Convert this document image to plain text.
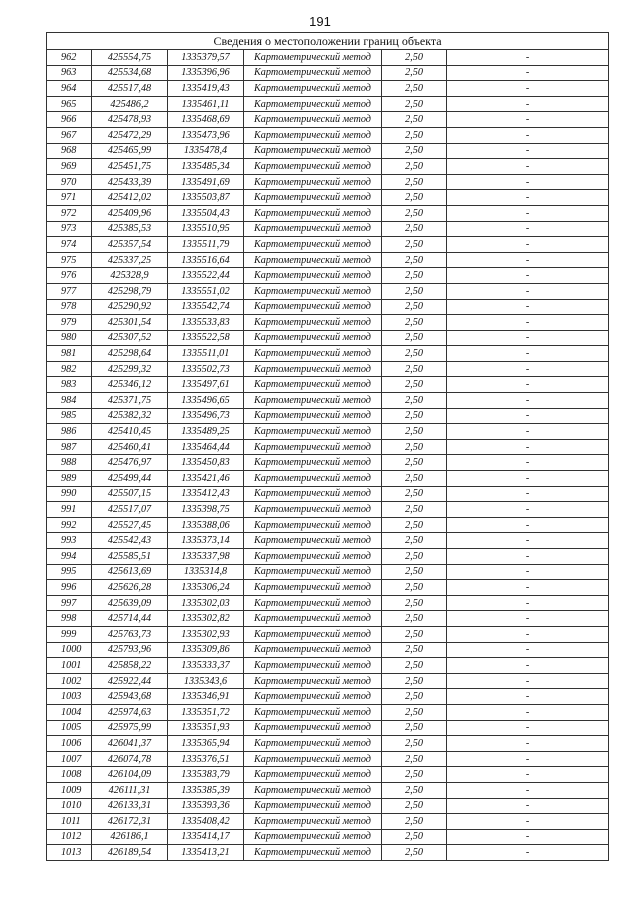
191
Сведения о местоположении границ объекта					
962	425554,75	1335379,57	Картометрический метод	2,50	-
963	425534,68	1335396,96	Картометрический метод	2,50	-
964	425517,48	1335419,43	Картометрический метод	2,50	-
965	425486,2	1335461,11	Картометрический метод	2,50	-
966	425478,93	1335468,69	Картометрический метод	2,50	-
967	425472,29	1335473,96	Картометрический метод	2,50	-
968	425465,99	1335478,4	Картометрический метод	2,50	-
969	425451,75	1335485,34	Картометрический метод	2,50	-
970	425433,39	1335491,69	Картометрический метод	2,50	-
971	425412,02	1335503,87	Картометрический метод	2,50	-
972	425409,96	1335504,43	Картометрический метод	2,50	-
973	425385,53	1335510,95	Картометрический метод	2,50	-
974	425357,54	1335511,79	Картометрический метод	2,50	-
975	425337,25	1335516,64	Картометрический метод	2,50	-
976	425328,9	1335522,44	Картометрический метод	2,50	-
977	425298,79	1335551,02	Картометрический метод	2,50	-
978	425290,92	1335542,74	Картометрический метод	2,50	-
979	425301,54	1335533,83	Картометрический метод	2,50	-
980	425307,52	1335522,58	Картометрический метод	2,50	-
981	425298,64	1335511,01	Картометрический метод	2,50	-
982	425299,32	1335502,73	Картометрический метод	2,50	-
983	425346,12	1335497,61	Картометрический метод	2,50	-
984	425371,75	1335496,65	Картометрический метод	2,50	-
985	425382,32	1335496,73	Картометрический метод	2,50	-
986	425410,45	1335489,25	Картометрический метод	2,50	-
987	425460,41	1335464,44	Картометрический метод	2,50	-
988	425476,97	1335450,83	Картометрический метод	2,50	-
989	425499,44	1335421,46	Картометрический метод	2,50	-
990	425507,15	1335412,43	Картометрический метод	2,50	-
991	425517,07	1335398,75	Картометрический метод	2,50	-
992	425527,45	1335388,06	Картометрический метод	2,50	-
993	425542,43	1335373,14	Картометрический метод	2,50	-
994	425585,51	1335337,98	Картометрический метод	2,50	-
995	425613,69	1335314,8	Картометрический метод	2,50	-
996	425626,28	1335306,24	Картометрический метод	2,50	-
997	425639,09	1335302,03	Картометрический метод	2,50	-
998	425714,44	1335302,82	Картометрический метод	2,50	-
999	425763,73	1335302,93	Картометрический метод	2,50	-
1000	425793,96	1335309,86	Картометрический метод	2,50	-
1001	425858,22	1335333,37	Картометрический метод	2,50	-
1002	425922,44	1335343,6	Картометрический метод	2,50	-
1003	425943,68	1335346,91	Картометрический метод	2,50	-
1004	425974,63	1335351,72	Картометрический метод	2,50	-
1005	425975,99	1335351,93	Картометрический метод	2,50	-
1006	426041,37	1335365,94	Картометрический метод	2,50	-
1007	426074,78	1335376,51	Картометрический метод	2,50	-
1008	426104,09	1335383,79	Картометрический метод	2,50	-
1009	426111,31	1335385,39	Картометрический метод	2,50	-
1010	426133,31	1335393,36	Картометрический метод	2,50	-
1011	426172,31	1335408,42	Картометрический метод	2,50	-
1012	426186,1	1335414,17	Картометрический метод	2,50	-
1013	426189,54	1335413,21	Картометрический метод	2,50	-
